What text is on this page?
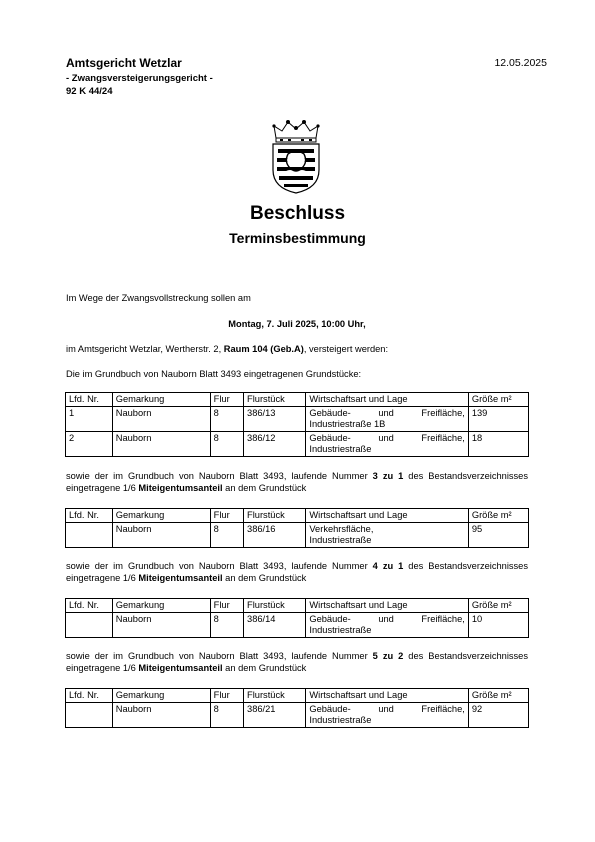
Amtsgericht Wetzlar
- Zwangsversteigerungsgericht -
92 K 44/24
12.05.2025
Beschluss
Terminsbestimmung
Im Wege der Zwangsvollstreckung sollen am
Montag, 7. Juli 2025, 10:00 Uhr,
im Amtsgericht Wetzlar, Wertherstr. 2, Raum 104 (Geb.A), versteigert werden:
Die im Grundbuch von Nauborn Blatt 3493 eingetragenen Grundstücke:
Lfd. Nr.	Gemarkung	Flur	Flurstück	Wirtschaftsart und Lage	Größe m²
1	Nauborn	8	386/13	Gebäude- und Freifläche,
Industriestraße 1B	139
2	Nauborn	8	386/12	Gebäude- und Freifläche,
Industriestraße	18
sowie der im Grundbuch von Nauborn Blatt 3493, laufende Nummer 3 zu 1 des Bestandsverzeichnisses eingetragene 1/6 Miteigentumsanteil an dem Grundstück
Lfd. Nr.	Gemarkung	Flur	Flurstück	Wirtschaftsart und Lage	Größe m²
	Nauborn	8	386/16	Verkehrsfläche,
Industriestraße	95
sowie der im Grundbuch von Nauborn Blatt 3493, laufende Nummer 4 zu 1 des Bestandsverzeichnisses eingetragene 1/6 Miteigentumsanteil an dem Grundstück
Lfd. Nr.	Gemarkung	Flur	Flurstück	Wirtschaftsart und Lage	Größe m²
	Nauborn	8	386/14	Gebäude- und Freifläche,
Industriestraße	10
sowie der im Grundbuch von Nauborn Blatt 3493, laufende Nummer 5 zu 2 des Bestandsverzeichnisses eingetragene 1/6 Miteigentumsanteil an dem Grundstück
Lfd. Nr.	Gemarkung	Flur	Flurstück	Wirtschaftsart und Lage	Größe m²
	Nauborn	8	386/21	Gebäude- und Freifläche,
Industriestraße	92
